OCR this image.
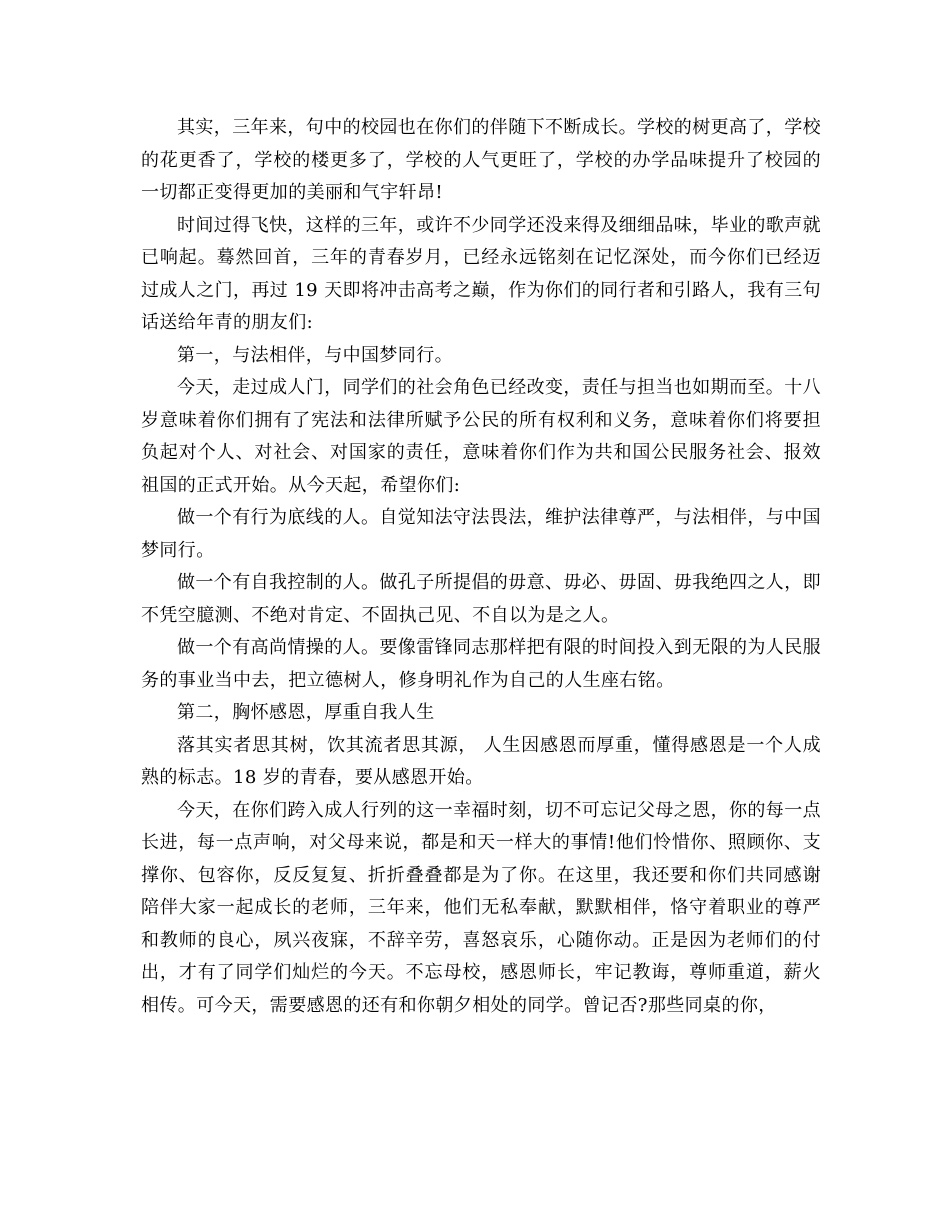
其实，三年来，句中的校园也在你们的伴随下不断成长。学校的树更高了，学校的花更香了，学校的楼更多了，学校的人气更旺了，学校的办学品味提升了校园的一切都正变得更加的美丽和气宇轩昂!

时间过得飞快，这样的三年，或许不少同学还没来得及细细品味，毕业的歌声就已响起。蓦然回首，三年的青春岁月，已经永远铭刻在记忆深处，而今你们已经迈过成人之门，再过 19 天即将冲击高考之巅，作为你们的同行者和引路人，我有三句话送给年青的朋友们:

第一，与法相伴，与中国梦同行。

今天，走过成人门，同学们的社会角色已经改变，责任与担当也如期而至。十八岁意味着你们拥有了宪法和法律所赋予公民的所有权利和义务，意味着你们将要担负起对个人、对社会、对国家的责任，意味着你们作为共和国公民服务社会、报效祖国的正式开始。从今天起，希望你们:

做一个有行为底线的人。自觉知法守法畏法，维护法律尊严，与法相伴，与中国梦同行。

做一个有自我控制的人。做孔子所提倡的毋意、毋必、毋固、毋我绝四之人，即不凭空臆测、不绝对肯定、不固执己见、不自以为是之人。

做一个有高尚情操的人。要像雷锋同志那样把有限的时间投入到无限的为人民服务的事业当中去，把立德树人，修身明礼作为自己的人生座右铭。

第二，胸怀感恩，厚重自我人生

落其实者思其树，饮其流者思其源， 人生因感恩而厚重，懂得感恩是一个人成熟的标志。18 岁的青春，要从感恩开始。

今天，在你们跨入成人行列的这一幸福时刻，切不可忘记父母之恩，你的每一点长进，每一点声响，对父母来说，都是和天一样大的事情!他们怜惜你、照顾你、支撑你、包容你，反反复复、折折叠叠都是为了你。在这里，我还要和你们共同感谢陪伴大家一起成长的老师，三年来，他们无私奉献，默默相伴，恪守着职业的尊严和教师的良心，夙兴夜寐，不辞辛劳，喜怒哀乐，心随你动。正是因为老师们的付出，才有了同学们灿烂的今天。不忘母校，感恩师长，牢记教诲，尊师重道，薪火相传。可今天，需要感恩的还有和你朝夕相处的同学。曾记否?那些同桌的你，
